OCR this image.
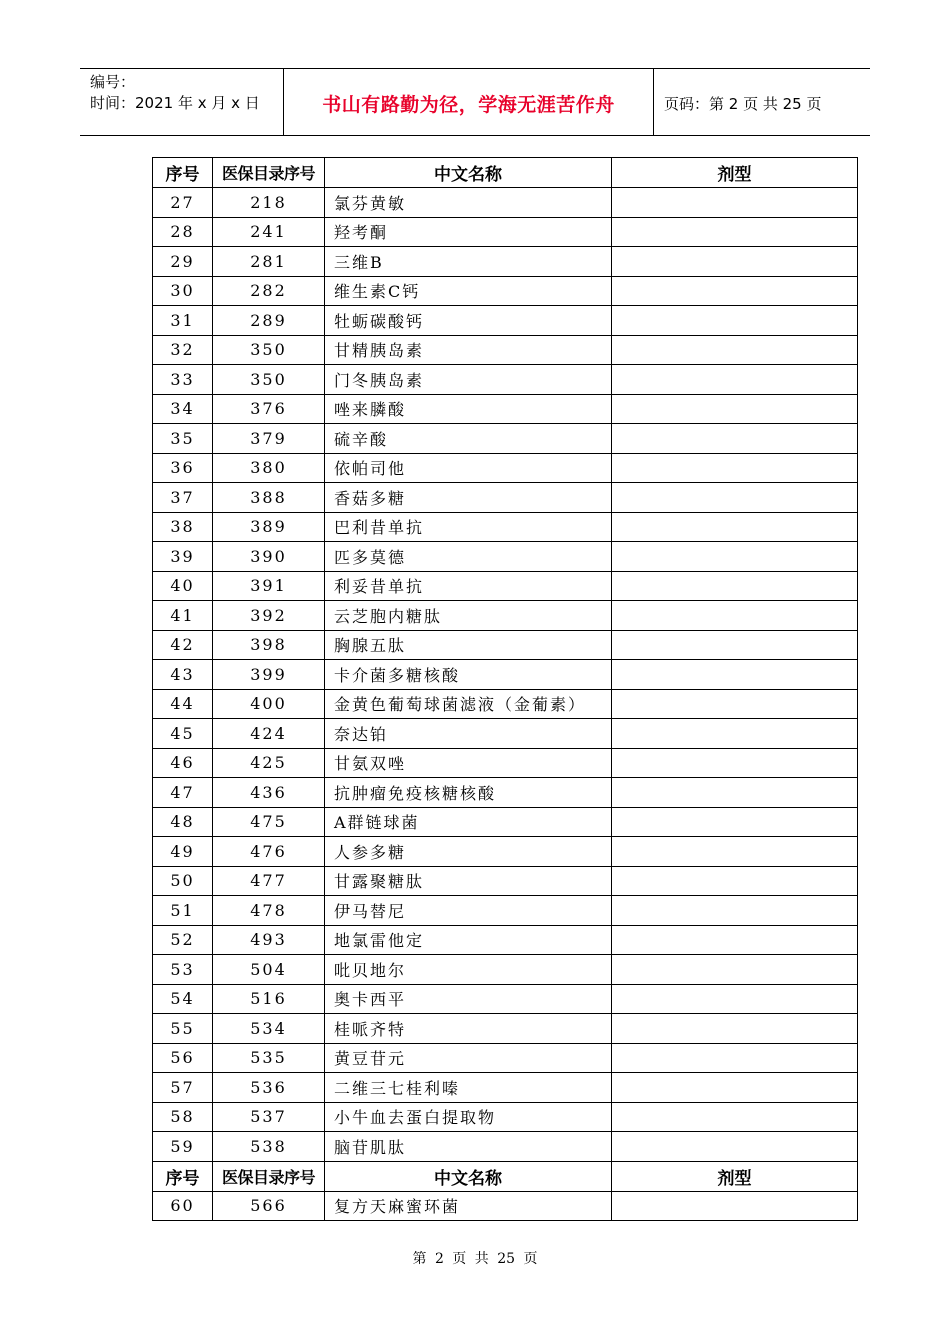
编号：
时间：2021 年 x 月 x 日	书山有路勤为径，学海无涯苦作舟	页码：第 2 页 共 25 页
序号	医保目录序号	中文名称	剂型
27	218	氯芬黄敏	
28	241	羟考酮	
29	281	三维B	
30	282	维生素C钙	
31	289	牡蛎碳酸钙	
32	350	甘精胰岛素	
33	350	门冬胰岛素	
34	376	唑来膦酸	
35	379	硫辛酸	
36	380	依帕司他	
37	388	香菇多糖	
38	389	巴利昔单抗	
39	390	匹多莫德	
40	391	利妥昔单抗	
41	392	云芝胞内糖肽	
42	398	胸腺五肽	
43	399	卡介菌多糖核酸	
44	400	金黄色葡萄球菌滤液（金葡素）	
45	424	奈达铂	
46	425	甘氨双唑	
47	436	抗肿瘤免疫核糖核酸	
48	475	A群链球菌	
49	476	人参多糖	
50	477	甘露聚糖肽	
51	478	伊马替尼	
52	493	地氯雷他定	
53	504	吡贝地尔	
54	516	奥卡西平	
55	534	桂哌齐特	
56	535	黄豆苷元	
57	536	二维三七桂利嗪	
58	537	小牛血去蛋白提取物	
59	538	脑苷肌肽	
序号	医保目录序号	中文名称	剂型
60	566	复方天麻蜜环菌	
第 2 页 共 25 页
